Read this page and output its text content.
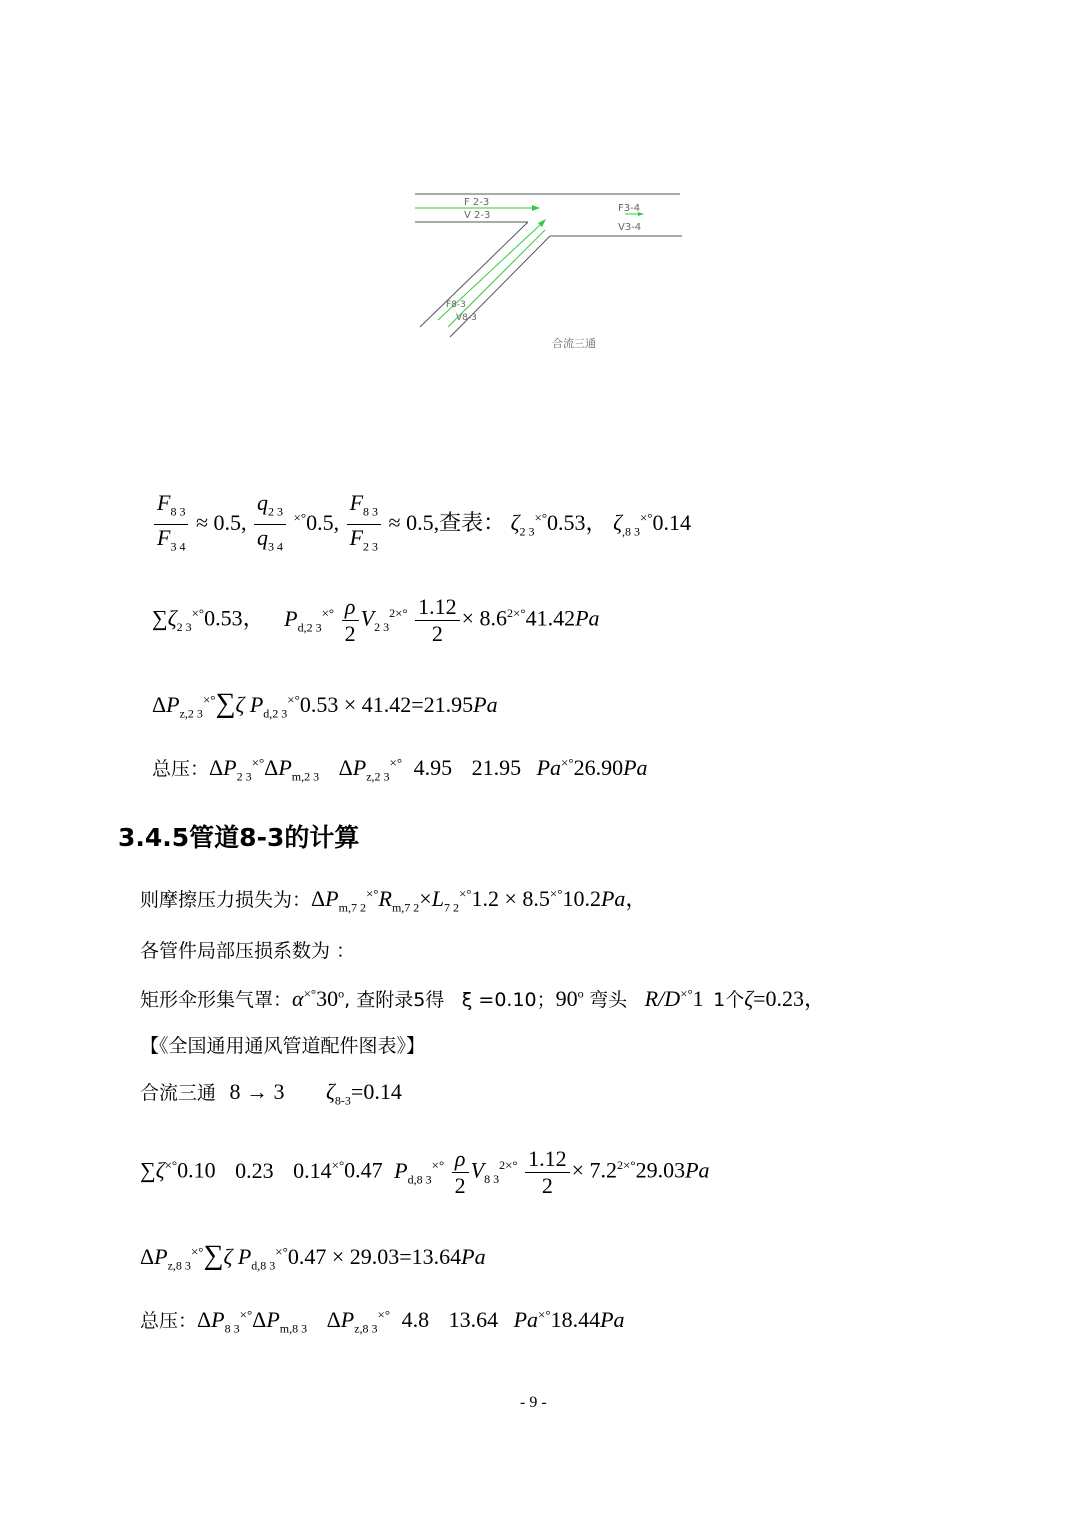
F 2-3
V 2-3
F3-4
V3-4
F8-3
V8-3
合流三通
$\frac{F_{8 3}}{F_{3 4}} \approx 0.5$, $\frac{q_{2 3}}{q_{3 4}} ^{\times^\circ}0.5$, $\frac{F_{8 3}}{F_{2 3}} \approx 0.5$,查表： $\zeta_{2 3}^{\times^\circ}0.53$， $\zeta_{,8 3}^{\times^\circ}0.14$
$\sum\zeta_{2 3}^{\times^\circ}0.53$， $P_{d,2 3}^{\times^\circ} \frac{\rho}{2} V_{2 3}^{2\times^\circ} \frac{1.12}{2} \times 8.6^{2\times^\circ}41.42Pa$
$\Delta P_{z,2 3}^{\times^\circ}\sum\zeta$ $P_{d,2 3}^{\times^\circ}0.53 \times 41.42=21.95Pa$
总压：$\Delta P_{2 3}^{\times^\circ}\Delta P_{m,2 3}$ $\Delta P_{z,2 3}^{\times^\circ}$ 4.95 21.95 Pa×°26.90Pa
3.4.5管道8-3的计算
则摩擦压力损失为：$\Delta P_{m,7 2}^{\times^\circ}R_{m,7 2}\times L_{7 2}^{\times^\circ}1.2 \times 8.5^{\times^\circ}10.2Pa$，
各管件局部压损系数为 ：
矩形伞形集气罩：α×°30$^o$, 查附录5得 ξ =0.10；90$^o$ 弯头 R/D×°1 1个ζ=0.23，
【《全国通用通风管道配件图表》】
合流三通 8 → 3 $\zeta_{8-3}=0.14$
∑ζ×°0.10 0.23 0.14×°0.47 $P_{d,8 3}^{\times^\circ} \frac{\rho}{2} V_{8 3}^{2\times^\circ} \frac{1.12}{2} \times 7.2^{2\times^\circ}29.03Pa$
$\Delta P_{z,8 3}^{\times^\circ}\sum\zeta$ $P_{d,8 3}^{\times^\circ}0.47 \times 29.03=13.64Pa$
总压：$\Delta P_{8 3}^{\times^\circ}\Delta P_{m,8 3}$ $\Delta P_{z,8 3}^{\times^\circ}$ 4.8 13.64 Pa×°18.44Pa
- 9 -
